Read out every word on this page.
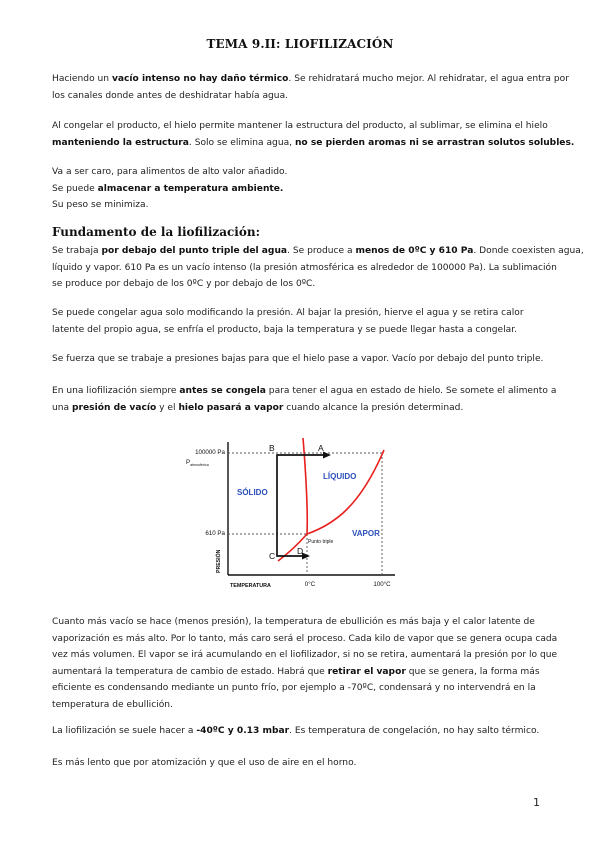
TEMA 9.II: LIOFILIZACIÓN
Haciendo un vacío intenso no hay daño térmico. Se rehidratará mucho mejor. Al rehidratar, el agua entra por
los canales donde antes de deshidratar había agua.
Al congelar el producto, el hielo permite mantener la estructura del producto, al sublimar, se elimina el hielo
manteniendo la estructura. Solo se elimina agua, no se pierden aromas ni se arrastran solutos solubles.
Va a ser caro, para alimentos de alto valor añadido.
Se puede almacenar a temperatura ambiente.
Su peso se minimiza.
Fundamento de la liofilización:
Se trabaja por debajo del punto triple del agua. Se produce a menos de 0ºC y 610 Pa. Donde coexisten agua,
líquido y vapor. 610 Pa es un vacío intenso (la presión atmosférica es alrededor de 100000 Pa). La sublimación
se produce por debajo de los 0ºC y por debajo de los 0ºC.
Se puede congelar agua solo modificando la presión. Al bajar la presión, hierve el agua y se retira calor
latente del propio agua, se enfría el producto, baja la temperatura y se puede llegar hasta a congelar.
Se fuerza que se trabaje a presiones bajas para que el hielo pase a vapor. Vacío por debajo del punto triple.
En una liofilización siempre antes se congela para tener el agua en estado de hielo. Se somete el alimento a
una presión de vacío y el hielo pasará a vapor cuando alcance la presión determinad.
100000 Pa
$P_{atmosférica}$
610 Pa
PRESIÓN
TEMPERATURA	0°C	100°C
A
B
C	D
SÓLIDO
LÍQUIDO
VAPOR
Punto triple
Cuanto más vacío se hace (menos presión), la temperatura de ebullición es más baja y el calor latente de
vaporización es más alto. Por lo tanto, más caro será el proceso. Cada kilo de vapor que se genera ocupa cada
vez más volumen. El vapor se irá acumulando en el liofilizador, si no se retira, aumentará la presión por lo que
aumentará la temperatura de cambio de estado. Habrá que retirar el vapor que se genera, la forma más
eficiente es condensando mediante un punto frío, por ejemplo a -70ºC, condensará y no intervendrá en la
temperatura de ebullición.
La liofilización se suele hacer a -40ºC y 0.13 mbar. Es temperatura de congelación, no hay salto térmico.
Es más lento que por atomización y que el uso de aire en el horno.
1
